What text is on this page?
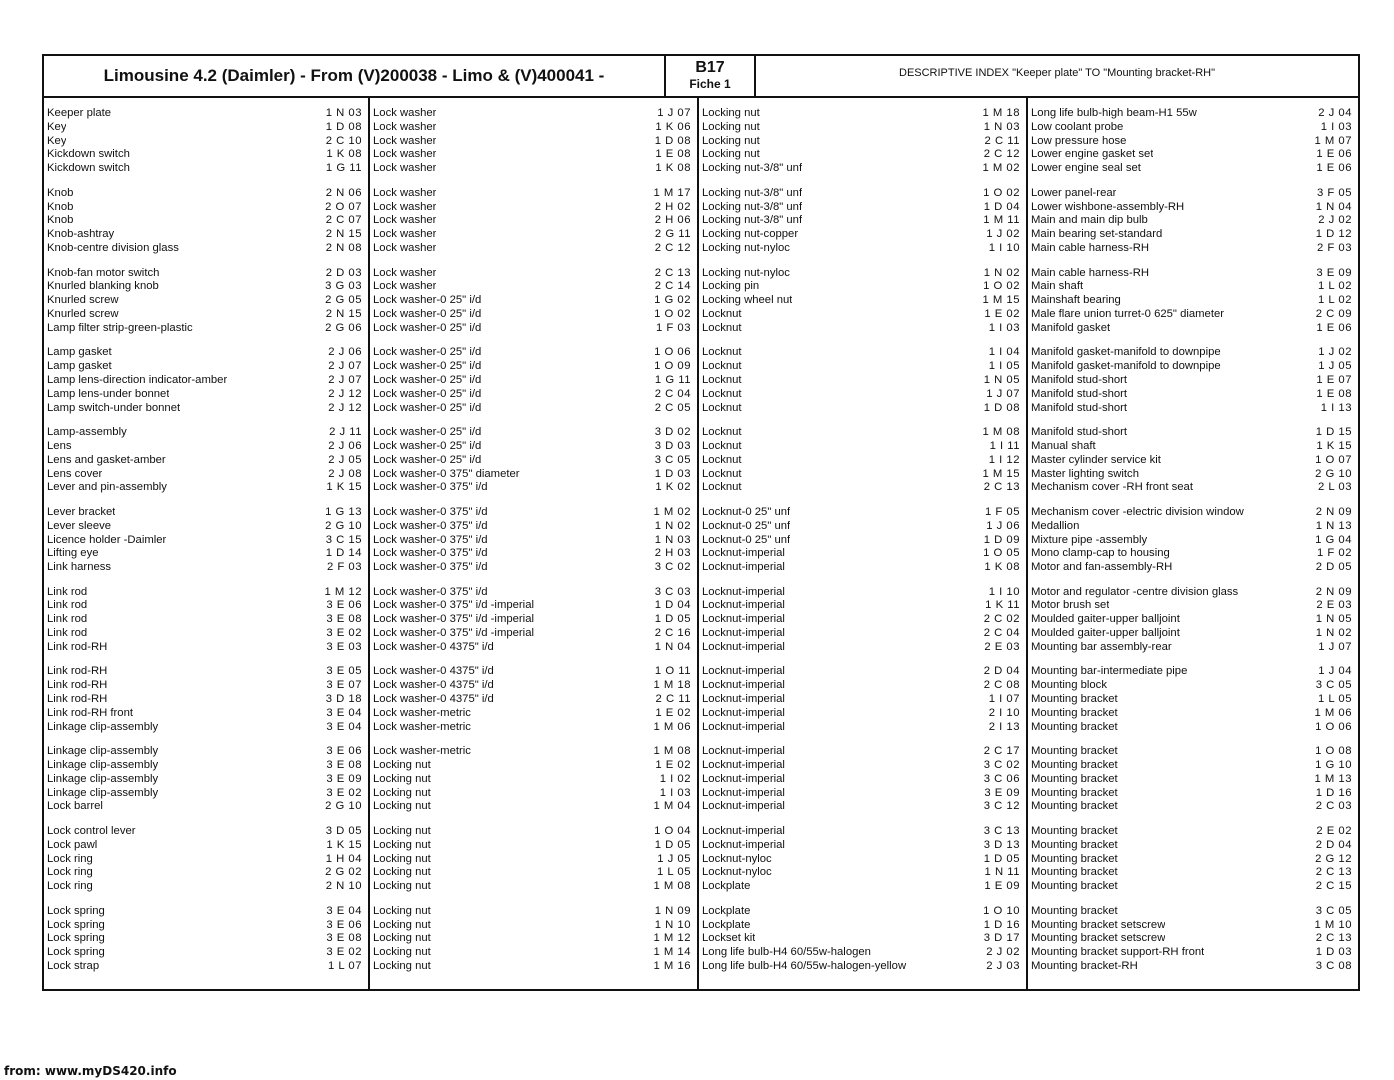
Limousine 4.2 (Daimler) - From (V)200038 - Limo & (V)400041 -	B17
Fiche 1
DESCRIPTIVE INDEX "Keeper plate" TO "Mounting bracket-RH"
Keeper plate	1 N 03
Key	1 D 08
Key	2 C 10
Kickdown switch	1 K 08
Kickdown switch	1 G 11
Knob	2 N 06
Knob	2 O 07
Knob	2 C 07
Knob-ashtray	2 N 15
Knob-centre division glass	2 N 08
Knob-fan motor switch	2 D 03
Knurled blanking knob	3 G 03
Knurled screw	2 G 05
Knurled screw	2 N 15
Lamp filter strip-green-plastic	2 G 06
Lamp gasket	2 J 06
Lamp gasket	2 J 07
Lamp lens-direction indicator-amber	2 J 07
Lamp lens-under bonnet	2 J 12
Lamp switch-under bonnet	2 J 12
Lamp-assembly	2 J 11
Lens	2 J 06
Lens and gasket-amber	2 J 05
Lens cover	2 J 08
Lever and pin-assembly	1 K 15
Lever bracket	1 G 13
Lever sleeve	2 G 10
Licence holder -Daimler	3 C 15
Lifting eye	1 D 14
Link harness	2 F 03
Link rod	1 M 12
Link rod	3 E 06
Link rod	3 E 08
Link rod	3 E 02
Link rod-RH	3 E 03
Link rod-RH	3 E 05
Link rod-RH	3 E 07
Link rod-RH	3 D 18
Link rod-RH front	3 E 04
Linkage clip-assembly	3 E 04
Linkage clip-assembly	3 E 06
Linkage clip-assembly	3 E 08
Linkage clip-assembly	3 E 09
Linkage clip-assembly	3 E 02
Lock barrel	2 G 10
Lock control lever	3 D 05
Lock pawl	1 K 15
Lock ring	1 H 04
Lock ring	2 G 02
Lock ring	2 N 10
Lock spring	3 E 04
Lock spring	3 E 06
Lock spring	3 E 08
Lock spring	3 E 02
Lock strap	1 L 07
Lock washer	1 J 07
Lock washer	1 K 06
Lock washer	1 D 08
Lock washer	1 E 08
Lock washer	1 K 08
Lock washer	1 M 17
Lock washer	2 H 02
Lock washer	2 H 06
Lock washer	2 G 11
Lock washer	2 C 12
Lock washer	2 C 13
Lock washer	2 C 14
Lock washer-0 25" i/d	1 G 02
Lock washer-0 25" i/d	1 O 02
Lock washer-0 25" i/d	1 F 03
Lock washer-0 25" i/d	1 O 06
Lock washer-0 25" i/d	1 O 09
Lock washer-0 25" i/d	1 G 11
Lock washer-0 25" i/d	2 C 04
Lock washer-0 25" i/d	2 C 05
Lock washer-0 25" i/d	3 D 02
Lock washer-0 25" i/d	3 D 03
Lock washer-0 25" i/d	3 C 05
Lock washer-0 375" diameter	1 D 03
Lock washer-0 375" i/d	1 K 02
Lock washer-0 375" i/d	1 M 02
Lock washer-0 375" i/d	1 N 02
Lock washer-0 375" i/d	1 N 03
Lock washer-0 375" i/d	2 H 03
Lock washer-0 375" i/d	3 C 02
Lock washer-0 375" i/d	3 C 03
Lock washer-0 375" i/d -imperial	1 D 04
Lock washer-0 375" i/d -imperial	1 D 05
Lock washer-0 375" i/d -imperial	2 C 16
Lock washer-0 4375" i/d	1 N 04
Lock washer-0 4375" i/d	1 O 11
Lock washer-0 4375" i/d	1 M 18
Lock washer-0 4375" i/d	2 C 11
Lock washer-metric	1 E 02
Lock washer-metric	1 M 06
Lock washer-metric	1 M 08
Locking nut	1 E 02
Locking nut	1 I 02
Locking nut	1 I 03
Locking nut	1 M 04
Locking nut	1 O 04
Locking nut	1 D 05
Locking nut	1 J 05
Locking nut	1 L 05
Locking nut	1 M 08
Locking nut	1 N 09
Locking nut	1 N 10
Locking nut	1 M 12
Locking nut	1 M 14
Locking nut	1 M 16
Locking nut	1 M 18
Locking nut	1 N 03
Locking nut	2 C 11
Locking nut	2 C 12
Locking nut-3/8" unf	1 M 02
Locking nut-3/8" unf	1 O 02
Locking nut-3/8" unf	1 D 04
Locking nut-3/8" unf	1 M 11
Locking nut-copper	1 J 02
Locking nut-nyloc	1 I 10
Locking nut-nyloc	1 N 02
Locking pin	1 O 02
Locking wheel nut	1 M 15
Locknut	1 E 02
Locknut	1 I 03
Locknut	1 I 04
Locknut	1 I 05
Locknut	1 N 05
Locknut	1 J 07
Locknut	1 D 08
Locknut	1 M 08
Locknut	1 I 11
Locknut	1 I 12
Locknut	1 M 15
Locknut	2 C 13
Locknut-0 25" unf	1 F 05
Locknut-0 25" unf	1 J 06
Locknut-0 25" unf	1 D 09
Locknut-imperial	1 O 05
Locknut-imperial	1 K 08
Locknut-imperial	1 I 10
Locknut-imperial	1 K 11
Locknut-imperial	2 C 02
Locknut-imperial	2 C 04
Locknut-imperial	2 E 03
Locknut-imperial	2 D 04
Locknut-imperial	2 C 08
Locknut-imperial	1 I 07
Locknut-imperial	2 I 10
Locknut-imperial	2 I 13
Locknut-imperial	2 C 17
Locknut-imperial	3 C 02
Locknut-imperial	3 C 06
Locknut-imperial	3 E 09
Locknut-imperial	3 C 12
Locknut-imperial	3 C 13
Locknut-imperial	3 D 13
Locknut-nyloc	1 D 05
Locknut-nyloc	1 N 11
Lockplate	1 E 09
Lockplate	1 O 10
Lockplate	1 D 16
Lockset kit	3 D 17
Long life bulb-H4 60/55w-halogen	2 J 02
Long life bulb-H4 60/55w-halogen-yellow	2 J 03
Long life bulb-high beam-H1 55w	2 J 04
Low coolant probe	1 I 03
Low pressure hose	1 M 07
Lower engine gasket set	1 E 06
Lower engine seal set	1 E 06
Lower panel-rear	3 F 05
Lower wishbone-assembly-RH	1 N 04
Main and main dip bulb	2 J 02
Main bearing set-standard	1 D 12
Main cable harness-RH	2 F 03
Main cable harness-RH	3 E 09
Main shaft	1 L 02
Mainshaft bearing	1 L 02
Male flare union turret-0 625" diameter	2 C 09
Manifold gasket	1 E 06
Manifold gasket-manifold to downpipe	1 J 02
Manifold gasket-manifold to downpipe	1 J 05
Manifold stud-short	1 E 07
Manifold stud-short	1 E 08
Manifold stud-short	1 I 13
Manifold stud-short	1 D 15
Manual shaft	1 K 15
Master cylinder service kit	1 O 07
Master lighting switch	2 G 10
Mechanism cover -RH front seat	2 L 03
Mechanism cover -electric division window	2 N 09
Medallion	1 N 13
Mixture pipe -assembly	1 G 04
Mono clamp-cap to housing	1 F 02
Motor and fan-assembly-RH	2 D 05
Motor and regulator -centre division glass	2 N 09
Motor brush set	2 E 03
Moulded gaiter-upper balljoint	1 N 05
Moulded gaiter-upper balljoint	1 N 02
Mounting bar assembly-rear	1 J 07
Mounting bar-intermediate pipe	1 J 04
Mounting block	3 C 05
Mounting bracket	1 L 05
Mounting bracket	1 M 06
Mounting bracket	1 O 06
Mounting bracket	1 O 08
Mounting bracket	1 G 10
Mounting bracket	1 M 13
Mounting bracket	1 D 16
Mounting bracket	2 C 03
Mounting bracket	2 E 02
Mounting bracket	2 D 04
Mounting bracket	2 G 12
Mounting bracket	2 C 13
Mounting bracket	2 C 15
Mounting bracket	3 C 05
Mounting bracket setscrew	1 M 10
Mounting bracket setscrew	2 C 13
Mounting bracket support-RH front	1 D 03
Mounting bracket-RH	3 C 08
from: www.myDS420.info
